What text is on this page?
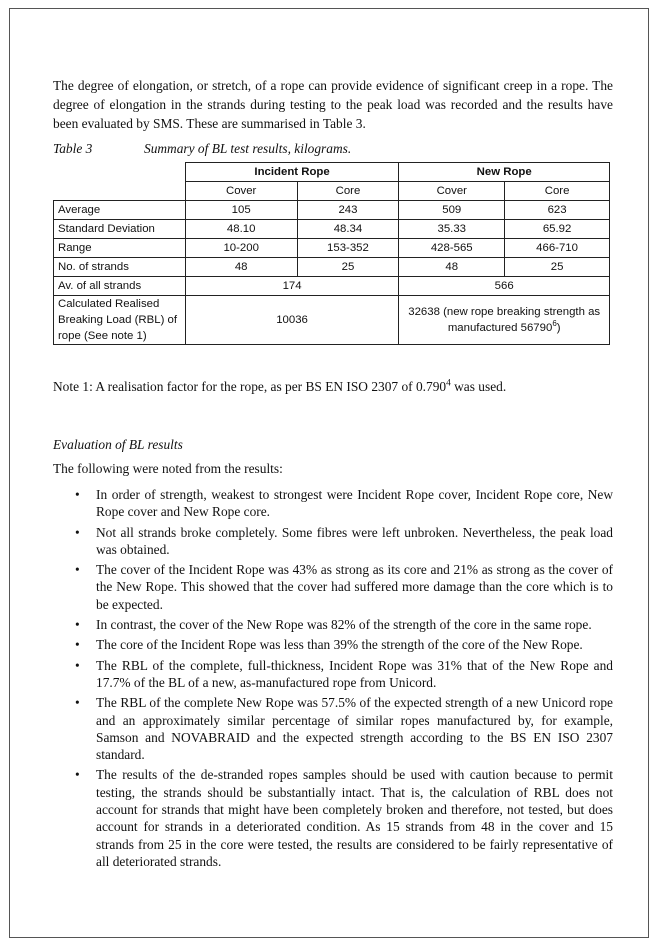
The degree of elongation, or stretch, of a rope can provide evidence of significant creep in a rope. The degree of elongation in the strands during testing to the peak load was recorded and the results have been evaluated by SMS. These are summarised in Table 3.

Table 3	Summary of BL test results, kilograms.
	Incident Rope		New Rope	
	Cover	Core	Cover	Core
Average	105	243	509	623
Standard Deviation	48.10	48.34	35.33	65.92
Range	10-200	153-352	428-565	466-710
No. of strands	48	25	48	25
Av. of all strands	174		566	
Calculated Realised Breaking Load (RBL) of rope (See note 1)	10036		32638 (new rope breaking strength as manufactured 56790$^6$)	

Note 1: A realisation factor for the rope, as per BS EN ISO 2307 of 0.790$^4$ was used.

Evaluation of BL results

The following were noted from the results:

• In order of strength, weakest to strongest were Incident Rope cover, Incident Rope core, New Rope cover and New Rope core.
• Not all strands broke completely. Some fibres were left unbroken. Nevertheless, the peak load was obtained.
• The cover of the Incident Rope was 43% as strong as its core and 21% as strong as the cover of the New Rope. This showed that the cover had suffered more damage than the core which is to be expected.
• In contrast, the cover of the New Rope was 82% of the strength of the core in the same rope.
• The core of the Incident Rope was less than 39% the strength of the core of the New Rope.
• The RBL of the complete, full-thickness, Incident Rope was 31% that of the New Rope and 17.7% of the BL of a new, as-manufactured rope from Unicord.
• The RBL of the complete New Rope was 57.5% of the expected strength of a new Unicord rope and an approximately similar percentage of similar ropes manufactured by, for example, Samson and NOVABRAID and the expected strength according to the BS EN ISO 2307 standard.
• The results of the de-stranded ropes samples should be used with caution because to permit testing, the strands should be substantially intact. That is, the calculation of RBL does not account for strands that might have been completely broken and therefore, not tested, but does account for strands in a deteriorated condition. As 15 strands from 48 in the cover and 15 strands from 25 in the core were tested, the results are considered to be fairly representative of all deteriorated strands.
